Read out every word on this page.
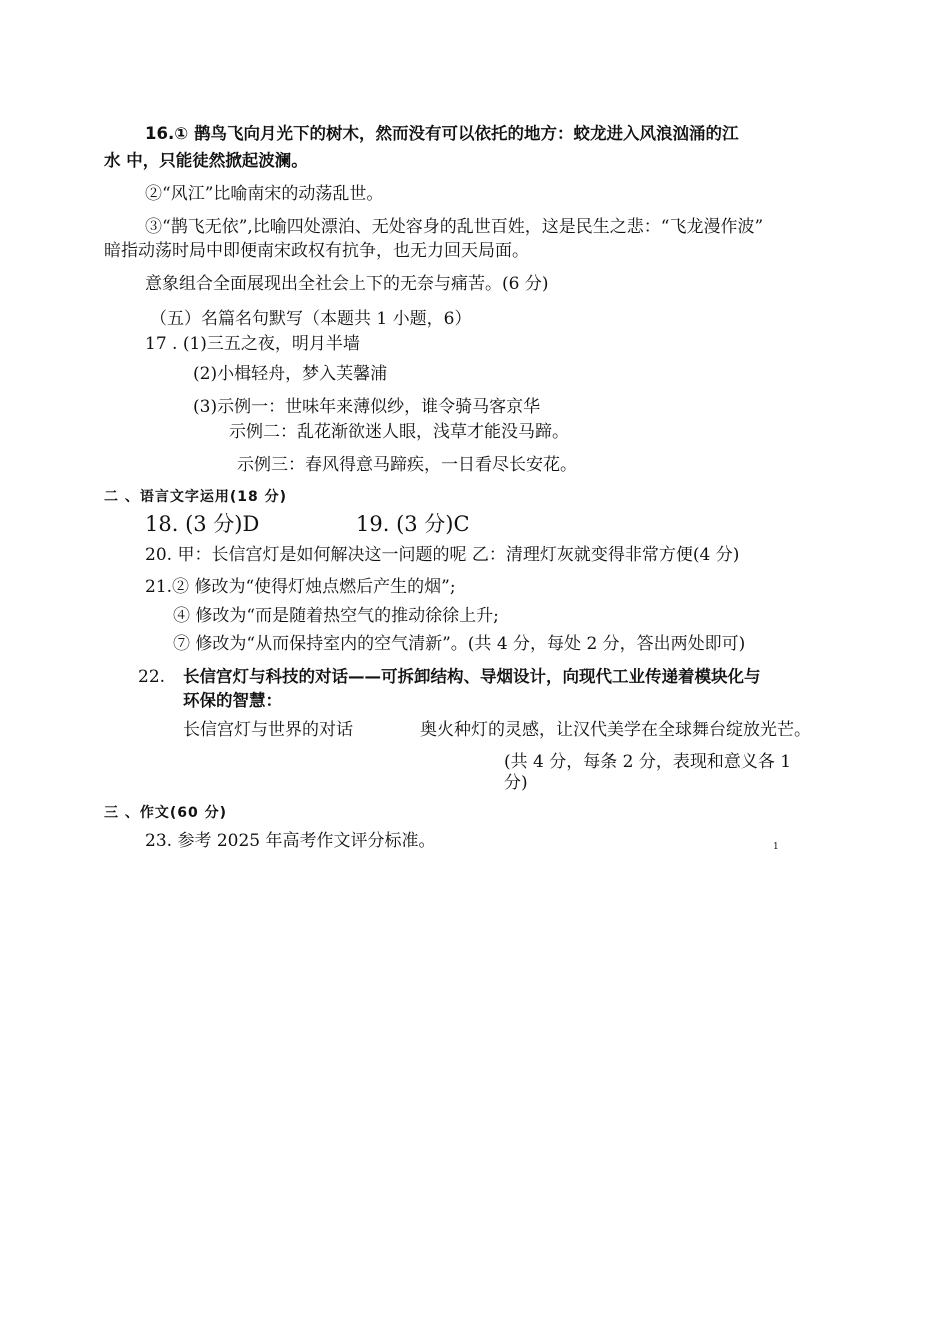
16.① 鹊鸟飞向月光下的树木，然而没有可以依托的地方：蛟龙进入风浪汹涌的江
水 中，只能徒然掀起波澜。
②“风江”比喻南宋的动荡乱世。
③“鹊飞无依”,比喻四处漂泊、无处容身的乱世百姓，这是民生之悲：“飞龙漫作波”
暗指动荡时局中即便南宋政权有抗争，也无力回天局面。
意象组合全面展现出全社会上下的无奈与痛苦。(6 分)
（五）名篇名句默写（本题共 1 小题，6）
17 . (1)三五之夜，明月半墙
(2)小楫轻舟，梦入芙馨浦
(3)示例一：世味年来薄似纱，谁令骑马客京华
示例二：乱花渐欲迷人眼，浅草才能没马蹄。
示例三：春风得意马蹄疾，一日看尽长安花。
二 、语言文字运用(18 分)
18. (3 分)D	19. (3 分)C
20. 甲：长信宫灯是如何解决这一问题的呢 乙：清理灯灰就变得非常方便(4 分)
21.② 修改为“使得灯烛点燃后产生的烟”;
④ 修改为“而是随着热空气的推动徐徐上升;
⑦ 修改为“从而保持室内的空气清新”。(共 4 分，每处 2 分，答出两处即可)
22. 长信宫灯与科技的对话——可拆卸结构、导烟设计，向现代工业传递着模块化与
环保的智慧：
长信宫灯与世界的对话	奥火种灯的灵感，让汉代美学在全球舞台绽放光芒。
(共 4 分，每条 2 分，表现和意义各 1
分)
三 、作文(60 分)
23. 参考 2025 年高考作文评分标准。	1
